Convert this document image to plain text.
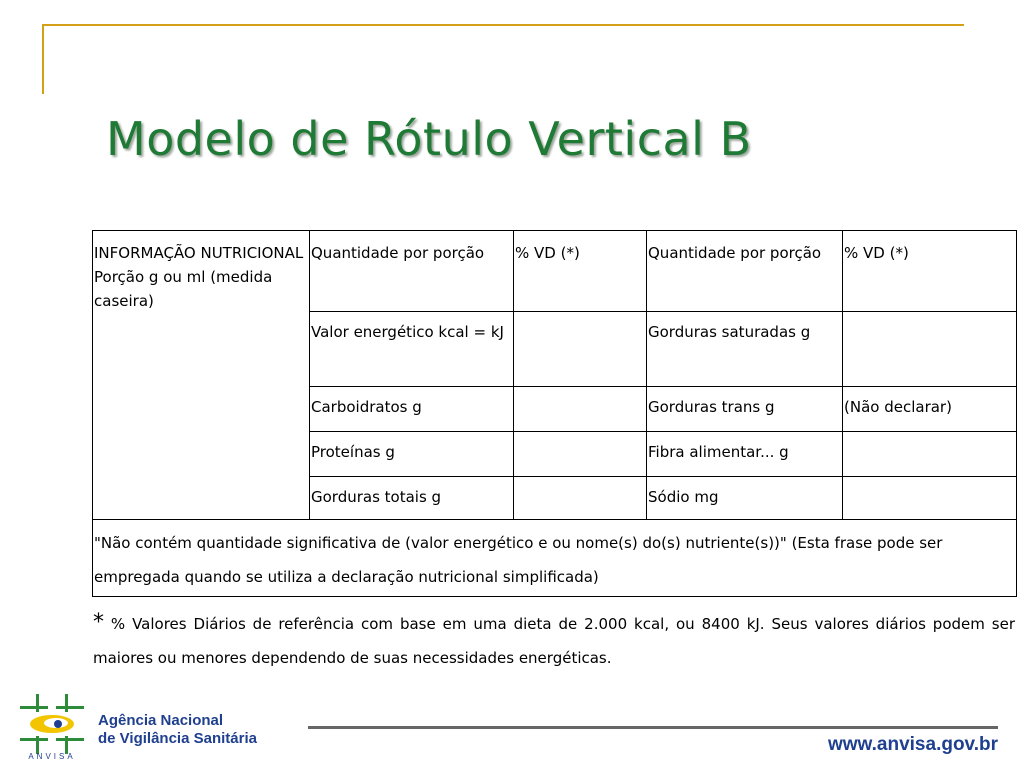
Modelo de Rótulo Vertical B
INFORMAÇÃO NUTRICIONAL Porção g ou ml (medida caseira)	Quantidade por porção	% VD (*)	Quantidade por porção	% VD (*)
	Valor energético kcal = kJ		Gorduras saturadas g	
	Carboidratos g		Gorduras trans g	(Não declarar)
	Proteínas g		Fibra alimentar... g	
	Gorduras totais g		Sódio mg	
"Não contém quantidade significativa de (valor energético e ou nome(s) do(s) nutriente(s))" (Esta frase pode ser empregada quando se utiliza a declaração nutricional simplificada)				
* % Valores Diários de referência com base em uma dieta de 2.000 kcal, ou 8400 kJ. Seus valores diários podem ser maiores ou menores dependendo de suas necessidades energéticas.
ANVISA
Agência Nacional
de Vigilância Sanitária	www.anvisa.gov.br
